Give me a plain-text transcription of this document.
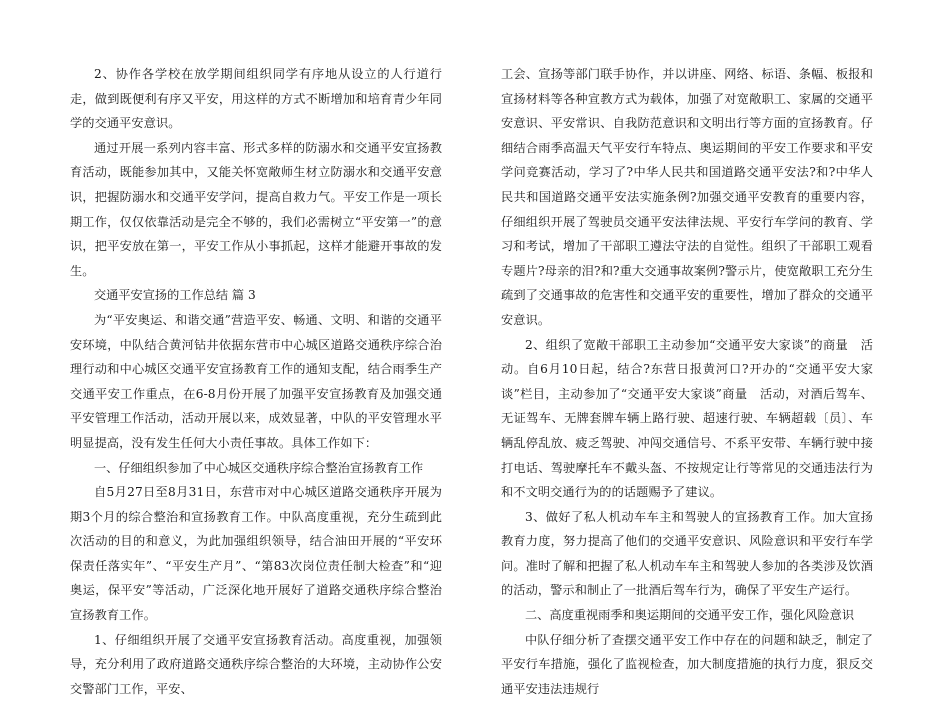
2、协作各学校在放学期间组织同学有序地从设立的人行道行走，做到既便利有序又平安，用这样的方式不断增加和培育青少年同学的交通平安意识。

通过开展一系列内容丰富、形式多样的防溺水和交通平安宣扬教育活动，既能参加其中，又能关怀宽敞师生材立防溺水和交通平安意识，把握防溺水和交通平安学问，提高自救力气。平安工作是一项长期工作，仅仅依靠活动是完全不够的，我们必需树立“平安第一”的意识，把平安放在第一，平安工作从小事抓起，这样才能避开事故的发生。

交通平安宣扬的工作总结 篇 3

为“平安奥运、和谐交通”营造平安、畅通、文明、和谐的交通平安环境，中队结合黄河钻井依据东营市中心城区道路交通秩序综合治理行动和中心城区交通平安宣扬教育工作的通知支配，结合雨季生产交通平安工作重点，在6-8月份开展了加强平安宣扬教育及加强交通平安管理工作活动，活动开展以来，成效显著，中队的平安管理水平明显提高，没有发生任何大小责任事故。具体工作如下：

一、仔细组织参加了中心城区交通秩序综合整治宣扬教育工作

自5月27日至8月31日，东营市对中心城区道路交通秩序开展为期3个月的综合整治和宣扬教育工作。中队高度重视，充分生疏到此次活动的目的和意义，为此加强组织领导，结合油田开展的“平安环保责任落实年”、“平安生产月”、“第83次岗位责任制大检查”和“迎奥运，保平安”等活动，广泛深化地开展好了道路交通秩序综合整治宣扬教育工作。

1、仔细组织开展了交通平安宣扬教育活动。高度重视，加强领导，充分利用了政府道路交通秩序综合整治的大环境，主动协作公安交警部门工作，平安、

工会、宣扬等部门联手协作，并以讲座、网络、标语、条幅、板报和宣扬材料等各种宣教方式为载体，加强了对宽敞职工、家属的交通平安意识、平安常识、自我防范意识和文明出行等方面的宣扬教育。仔细结合雨季高温天气平安行车特点、奥运期间的平安工作要求和平安学问竞赛活动，学习了?中华人民共和国道路交通平安法?和?中华人民共和国道路交通平安法实施条例?加强交通平安教育的重要内容，仔细组织开展了驾驶员交通平安法律法规、平安行车学问的教育、学习和考试，增加了干部职工遵法守法的自觉性。组织了干部职工观看专题片?母亲的泪?和?重大交通事故案例?警示片，使宽敞职工充分生疏到了交通事故的危害性和交通平安的重要性，增加了群众的交通平安意识。

2、组织了宽敞干部职工主动参加“交通平安大家谈”的商量　活动。自6月10日起，结合?东营日报黄河口?开办的“交通平安大家谈”栏目，主动参加了“交通平安大家谈”商量　活动，对酒后驾车、无证驾车、无牌套牌车辆上路行驶、超速行驶、车辆超载〔员〕、车辆乱停乱放、疲乏驾驶、冲闯交通信号、不系平安带、车辆行驶中接打电话、驾驶摩托车不戴头盔、不按规定让行等常见的交通违法行为和不文明交通行为的的话题赐予了建议。

3、做好了私人机动车车主和驾驶人的宣扬教育工作。加大宣扬教育力度，努力提高了他们的交通平安意识、风险意识和平安行车学问。准时了解和把握了私人机动车车主和驾驶人参加的各类涉及饮酒的活动，警示和制止了一批酒后驾车行为，确保了平安生产运行。

二、高度重视雨季和奥运期间的交通平安工作，强化风险意识

中队仔细分析了查摆交通平安工作中存在的问题和缺乏，制定了平安行车措施，强化了监视检查，加大制度措施的执行力度，狠反交通平安违法违规行
